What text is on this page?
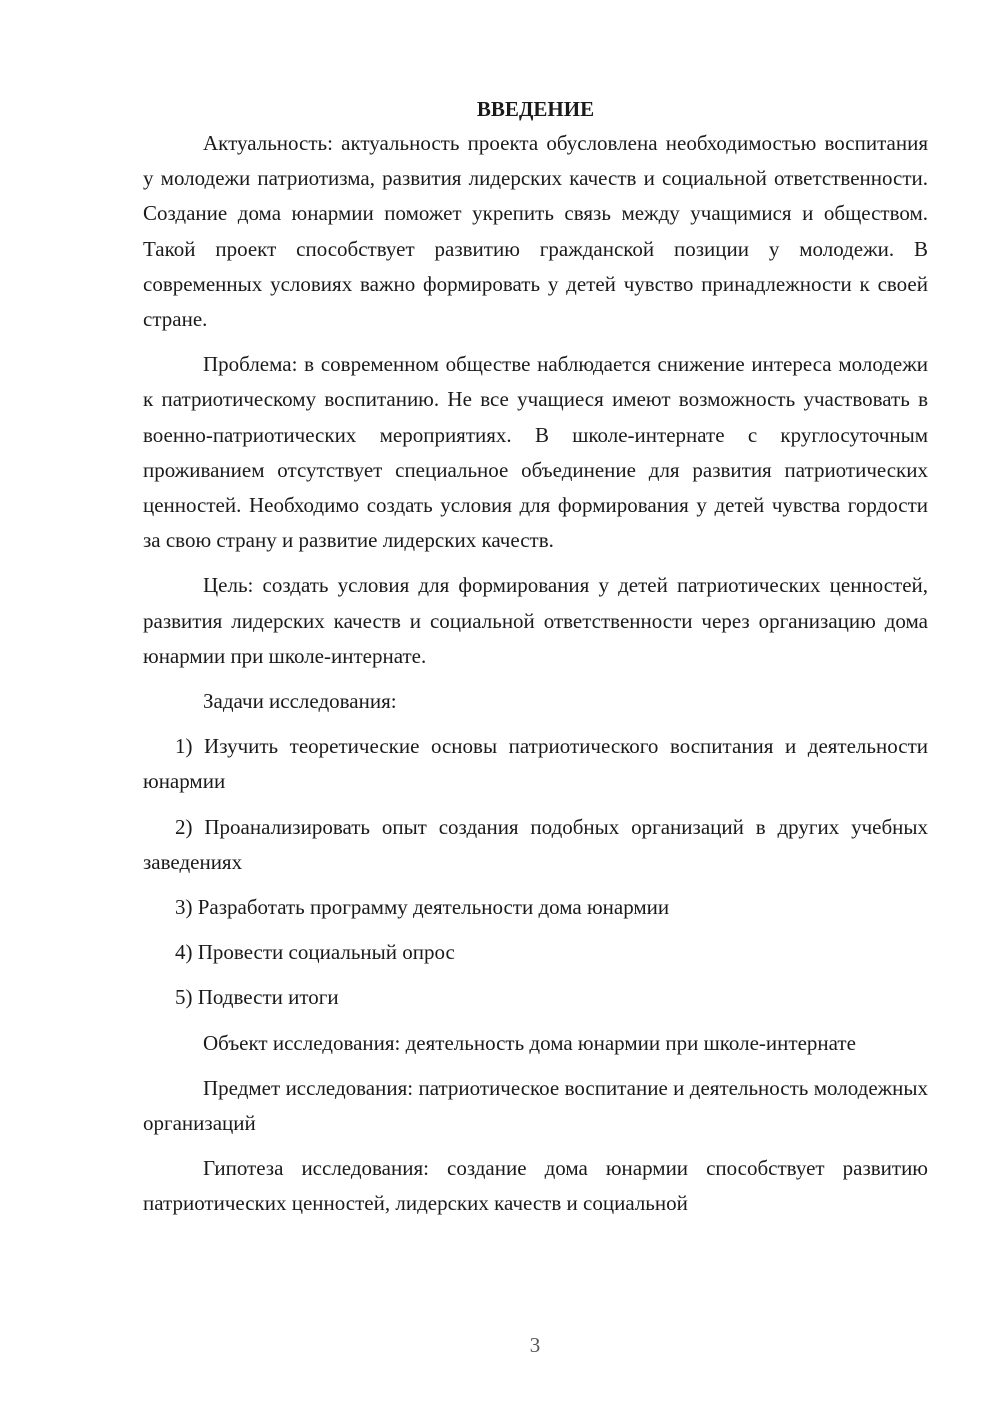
ВВЕДЕНИЕ

Актуальность: актуальность проекта обусловлена необходимостью воспитания у молодежи патриотизма, развития лидерских качеств и социальной ответственности. Создание дома юнармии поможет укрепить связь между учащимися и обществом. Такой проект способствует развитию гражданской позиции у молодежи. В современных условиях важно формировать у детей чувство принадлежности к своей стране.

Проблема: в современном обществе наблюдается снижение интереса молодежи к патриотическому воспитанию. Не все учащиеся имеют возможность участвовать в военно-патриотических мероприятиях. В школе-интернате с круглосуточным проживанием отсутствует специальное объединение для развития патриотических ценностей. Необходимо создать условия для формирования у детей чувства гордости за свою страну и развитие лидерских качеств.

Цель: создать условия для формирования у детей патриотических ценностей, развития лидерских качеств и социальной ответственности через организацию дома юнармии при школе-интернате.

Задачи исследования:

1) Изучить теоретические основы патриотического воспитания и деятельности юнармии

2) Проанализировать опыт создания подобных организаций в других учебных заведениях

3) Разработать программу деятельности дома юнармии

4) Провести социальный опрос

5) Подвести итоги

Объект исследования: деятельность дома юнармии при школе-интернате

Предмет исследования: патриотическое воспитание и деятельность молодежных организаций

Гипотеза исследования: создание дома юнармии способствует развитию патриотических ценностей, лидерских качеств и социальной

3
